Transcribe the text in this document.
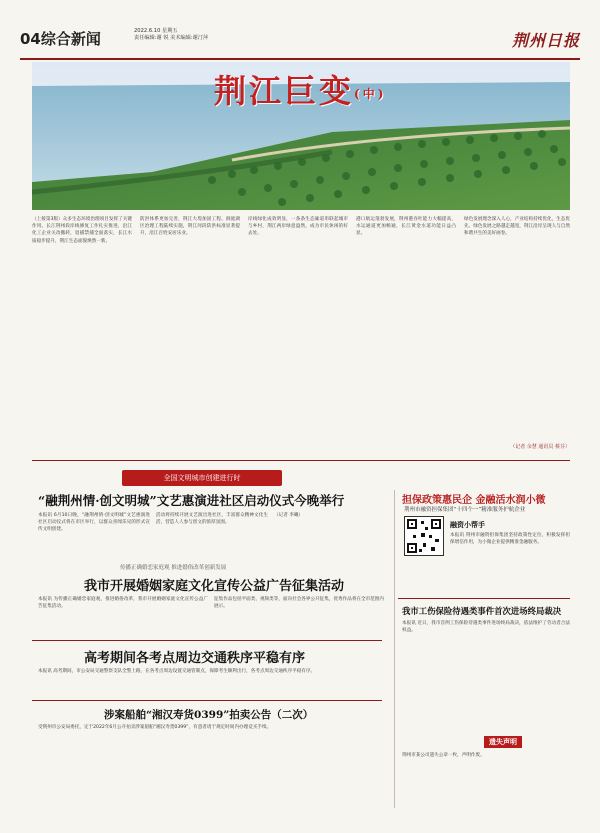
04综合新闻	2022.6.10 星期五
责任编辑:谢 锐 美术编辑:谢汀萍	荆州日报
荆江巨变(中)
（上接第3版）众多生态环境治理项目发挥了关键作用。长江荆州段岸线修复工作扎实推进，沿江化工企业关改搬转，退捕禁捕全面落实，长江水质稳步提升，荆江生态面貌焕然一新。
防洪体系更加完善，荆江大堤加固工程、洞庭湖区治理工程陆续实施，荆江河段防洪标准显著提升，沿江百姓安居乐业。
岸线绿化成效明显，一条条生态廊道串联起城市与乡村，荆江两岸绿意盎然，成为市民休闲的好去处。
港口航运蓬勃发展，荆州港吞吐能力大幅提高，水运通道更加畅通，长江黄金水道功能日益凸显。
绿色发展理念深入人心，产业结构持续优化，生态优先、绿色发展之路越走越宽，荆江沿岸呈现人与自然和谐共生的美好画卷。
（记者 余慧 通讯员 蔡芬）
全国文明城市创建进行时
“融荆州情·创文明城”文艺惠演进社区启动仪式今晚举行
本报讯 6月10日晚，“融荆州情·创文明城”文艺惠演进社区启动仪式将在市区举行，以群众喜闻乐见的形式宣传文明创建。
活动将持续开展文艺演出进社区，丰富群众精神文化生活，营造人人参与创文的浓厚氛围。
（记者 李曦）
传播正确婚恋家庭观 推进婚俗改革创新发展
我市开展婚姻家庭文化宣传公益广告征集活动
本报讯 为传播正确婚恋家庭观，推进婚俗改革，我市开展婚姻家庭文化宣传公益广告征集活动。
征集作品包括平面类、视频类等，面向社会各界公开征集，优秀作品将在全市范围内展示。
高考期间各考点周边交通秩序平稳有序
本报讯 高考期间，市公安局交通警察支队全警上路，在各考点周边设置交通管制点，保障考生顺利出行，各考点周边交通秩序平稳有序。
涉案船舶“湘汉寿货0399”拍卖公告（二次）
受荆州市公安局委托，定于2022年6月公开拍卖涉案船舶“湘汉寿货0399”，有意者请于规定时间内办理竞买手续。
担保政策惠民企 金融活水润小微
荆州市融资担保集团“十四个一”精准服务护航企业
融资小帮手
本报讯 荆州市融资担保集团坚持政策性定位，积极发挥担保增信作用，为小微企业提供精准金融服务。
我市工伤保险待遇类事件首次进场终局裁决
本报讯 近日，我市首例工伤保险待遇类事件进场终局裁决，依法维护了劳动者合法权益。
遗失声明
荆州市某公司遗失公章一枚，声明作废。
